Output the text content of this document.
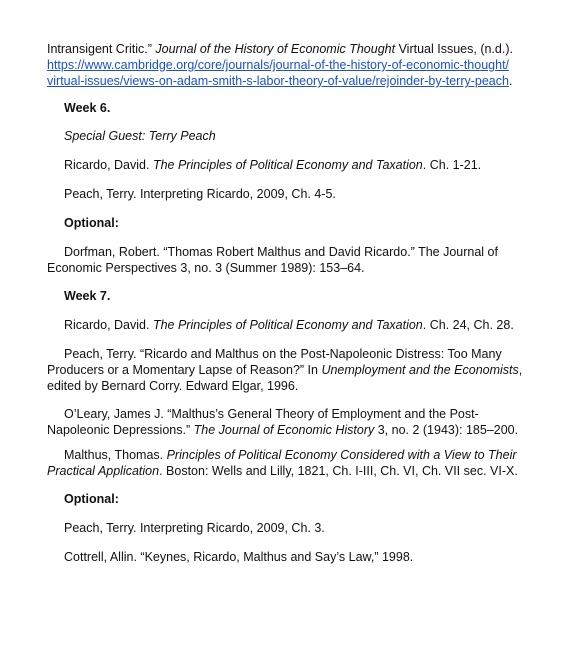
Intransigent Critic.” Journal of the History of Economic Thought Virtual Issues, (n.d.).
https://www.cambridge.org/core/journals/journal-of-the-history-of-economic-thought/
virtual-issues/views-on-adam-smith-s-labor-theory-of-value/rejoinder-by-terry-peach.
Week 6.
Special Guest: Terry Peach
Ricardo, David. The Principles of Political Economy and Taxation. Ch. 1-21.
Peach, Terry. Interpreting Ricardo, 2009, Ch. 4-5.
Optional:
Dorfman, Robert. “Thomas Robert Malthus and David Ricardo.” The Journal of
Economic Perspectives 3, no. 3 (Summer 1989): 153–64.
Week 7.
Ricardo, David. The Principles of Political Economy and Taxation. Ch. 24, Ch. 28.
Peach, Terry. “Ricardo and Malthus on the Post-Napoleonic Distress: Too Many
Producers or a Momentary Lapse of Reason?” In Unemployment and the Economists,
edited by Bernard Corry. Edward Elgar, 1996.
O’Leary, James J. “Malthus’s General Theory of Employment and the Post-
Napoleonic Depressions.” The Journal of Economic History 3, no. 2 (1943): 185–200.
Malthus, Thomas. Principles of Political Economy Considered with a View to Their
Practical Application. Boston: Wells and Lilly, 1821, Ch. I-III, Ch. VI, Ch. VII sec. VI-X.
Optional:
Peach, Terry. Interpreting Ricardo, 2009, Ch. 3.
Cottrell, Allin. “Keynes, Ricardo, Malthus and Say’s Law,” 1998.
